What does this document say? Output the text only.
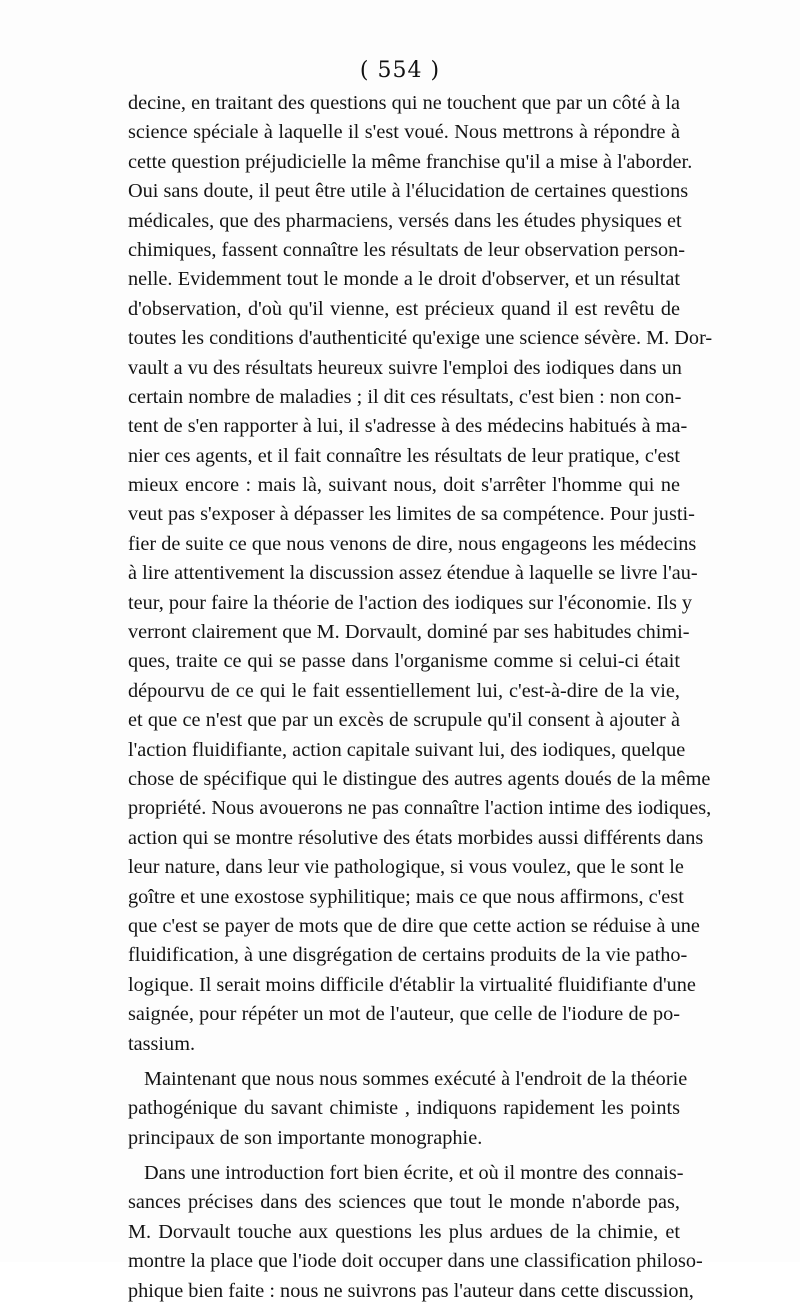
( 554 )
decine, en traitant des questions qui ne touchent que par un côté à la
science spéciale à laquelle il s'est voué. Nous mettrons à répondre à
cette question préjudicielle la même franchise qu'il a mise à l'aborder.
Oui sans doute, il peut être utile à l'élucidation de certaines questions
médicales, que des pharmaciens, versés dans les études physiques et
chimiques, fassent connaître les résultats de leur observation person-
nelle. Evidemment tout le monde a le droit d'observer, et un résultat
d'observation, d'où qu'il vienne, est précieux quand il est revêtu de
toutes les conditions d'authenticité qu'exige une science sévère. M. Dor-
vault a vu des résultats heureux suivre l'emploi des iodiques dans un
certain nombre de maladies ; il dit ces résultats, c'est bien : non con-
tent de s'en rapporter à lui, il s'adresse à des médecins habitués à ma-
nier ces agents, et il fait connaître les résultats de leur pratique, c'est
mieux encore : mais là, suivant nous, doit s'arrêter l'homme qui ne
veut pas s'exposer à dépasser les limites de sa compétence. Pour justi-
fier de suite ce que nous venons de dire, nous engageons les médecins
à lire attentivement la discussion assez étendue à laquelle se livre l'au-
teur, pour faire la théorie de l'action des iodiques sur l'économie. Ils y
verront clairement que M. Dorvault, dominé par ses habitudes chimi-
ques, traite ce qui se passe dans l'organisme comme si celui-ci était
dépourvu de ce qui le fait essentiellement lui, c'est-à-dire de la vie,
et que ce n'est que par un excès de scrupule qu'il consent à ajouter à
l'action fluidifiante, action capitale suivant lui, des iodiques, quelque
chose de spécifique qui le distingue des autres agents doués de la même
propriété. Nous avouerons ne pas connaître l'action intime des iodiques,
action qui se montre résolutive des états morbides aussi différents dans
leur nature, dans leur vie pathologique, si vous voulez, que le sont le
goître et une exostose syphilitique; mais ce que nous affirmons, c'est
que c'est se payer de mots que de dire que cette action se réduise à une
fluidification, à une disgrégation de certains produits de la vie patho-
logique. Il serait moins difficile d'établir la virtualité fluidifiante d'une
saignée, pour répéter un mot de l'auteur, que celle de l'iodure de po-
tassium.
Maintenant que nous nous sommes exécuté à l'endroit de la théorie
pathogénique du savant chimiste , indiquons rapidement les points
principaux de son importante monographie.
Dans une introduction fort bien écrite, et où il montre des connais-
sances précises dans des sciences que tout le monde n'aborde pas,
M. Dorvault touche aux questions les plus ardues de la chimie, et
montre la place que l'iode doit occuper dans une classification philoso-
phique bien faite : nous ne suivrons pas l'auteur dans cette discussion,
